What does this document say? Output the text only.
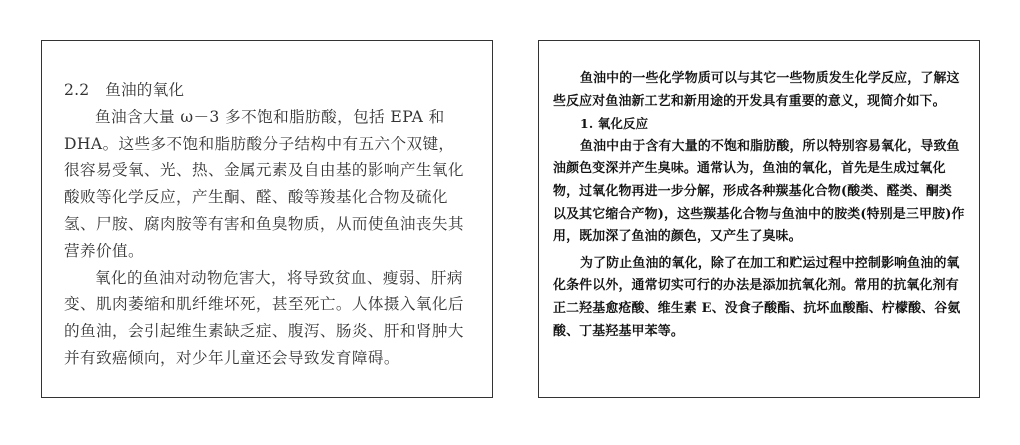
2.2　鱼油的氧化

鱼油含大量 ω－3 多不饱和脂肪酸，包括 EPA 和 DHA。这些多不饱和脂肪酸分子结构中有五六个双键，很容易受氧、光、热、金属元素及自由基的影响产生氧化酸败等化学反应，产生酮、醛、酸等羧基化合物及硫化氢、尸胺、腐肉胺等有害和鱼臭物质，从而使鱼油丧失其营养价值。

氧化的鱼油对动物危害大，将导致贫血、瘦弱、肝病变、肌肉萎缩和肌纤维坏死，甚至死亡。人体摄入氧化后的鱼油，会引起维生素缺乏症、腹泻、肠炎、肝和肾肿大并有致癌倾向，对少年儿童还会导致发育障碍。

鱼油中的一些化学物质可以与其它一些物质发生化学反应，了解这些反应对鱼油新工艺和新用途的开发具有重要的意义，现简介如下。

1. 氧化反应

鱼油中由于含有大量的不饱和脂肪酸，所以特别容易氧化，导致鱼油颜色变深并产生臭味。通常认为，鱼油的氧化，首先是生成过氧化物，过氧化物再进一步分解，形成各种羰基化合物(酸类、醛类、酮类以及其它缩合产物)，这些羰基化合物与鱼油中的胺类(特别是三甲胺)作用，既加深了鱼油的颜色，又产生了臭味。

为了防止鱼油的氧化，除了在加工和贮运过程中控制影响鱼油的氧化条件以外，通常切实可行的办法是添加抗氧化剂。常用的抗氧化剂有正二羟基愈疮酸、维生素 E、没食子酸酯、抗坏血酸酯、柠檬酸、谷氨酸、丁基羟基甲苯等。
